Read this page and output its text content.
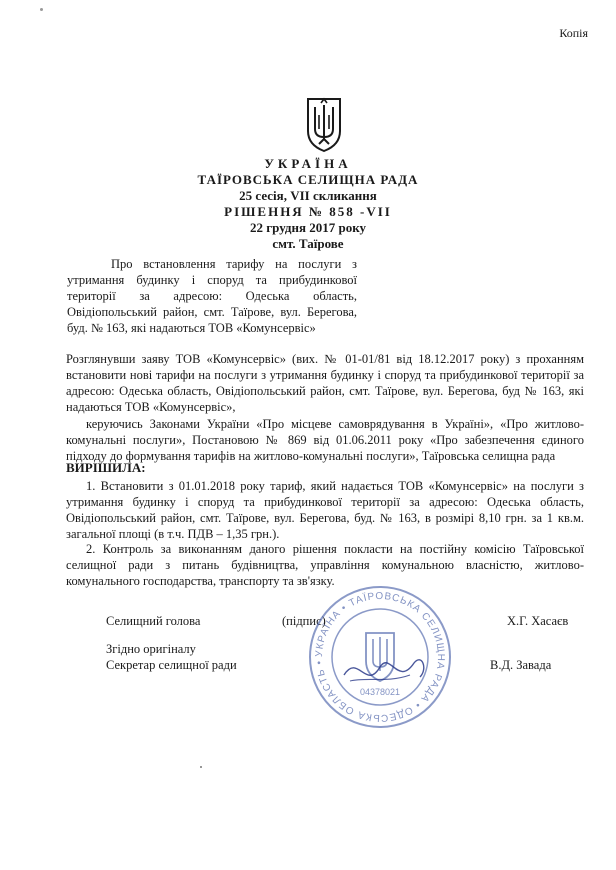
Копія
УКРАЇНА
ТАЇРОВСЬКА СЕЛИЩНА РАДА
25 сесія, VII скликання
РІШЕННЯ № 858 -VII
22 грудня 2017 року
смт. Таїрове
Про встановлення тарифу на послуги з утримання будинку і споруд та прибудинкової території за адресою: Одеська область, Овідіопольський район, смт. Таїрове, вул. Берегова, буд. № 163, які надаються ТОВ «Комунсервіс»
Розглянувши заяву ТОВ «Комунсервіс» (вих. № 01-01/81 від 18.12.2017 року) з проханням встановити нові тарифи на послуги з утримання будинку і споруд та прибудинкової території за адресою: Одеська область, Овідіопольський район, смт. Таїрове, вул. Берегова, буд № 163, які надаються ТОВ «Комунсервіс»,
керуючись Законами України «Про місцеве самоврядування в Україні», «Про житлово-комунальні послуги», Постановою № 869 від 01.06.2011 року «Про забезпечення єдиного підходу до формування тарифів на житлово-комунальні послуги», Таїровська селищна рада
ВИРІШИЛА:
1. Встановити з 01.01.2018 року тариф, який надається ТОВ «Комунсервіс» на послуги з утримання будинку і споруд та прибудинкової території за адресою: Одеська область, Овідіопольський район, смт. Таїрове, вул. Берегова, буд. № 163, в розмірі 8,10 грн. за 1 кв.м. загальної площі (в т.ч. ПДВ – 1,35 грн.).
2. Контроль за виконанням даного рішення покласти на постійну комісію Таїровської селищної ради з питань будівництва, управління комунальною власністю, житлово-комунального господарства, транспорту та зв'язку.
Селищний голова	(підпис)	Х.Г. Хасаєв
Згідно оригіналу
Секретар селищної ради	В.Д. Завада
УКРАЇНА • ТАЇРОВСЬКА СЕЛИЩНА РАДА • ОДЕСЬКА ОБЛАСТЬ •
04378021
